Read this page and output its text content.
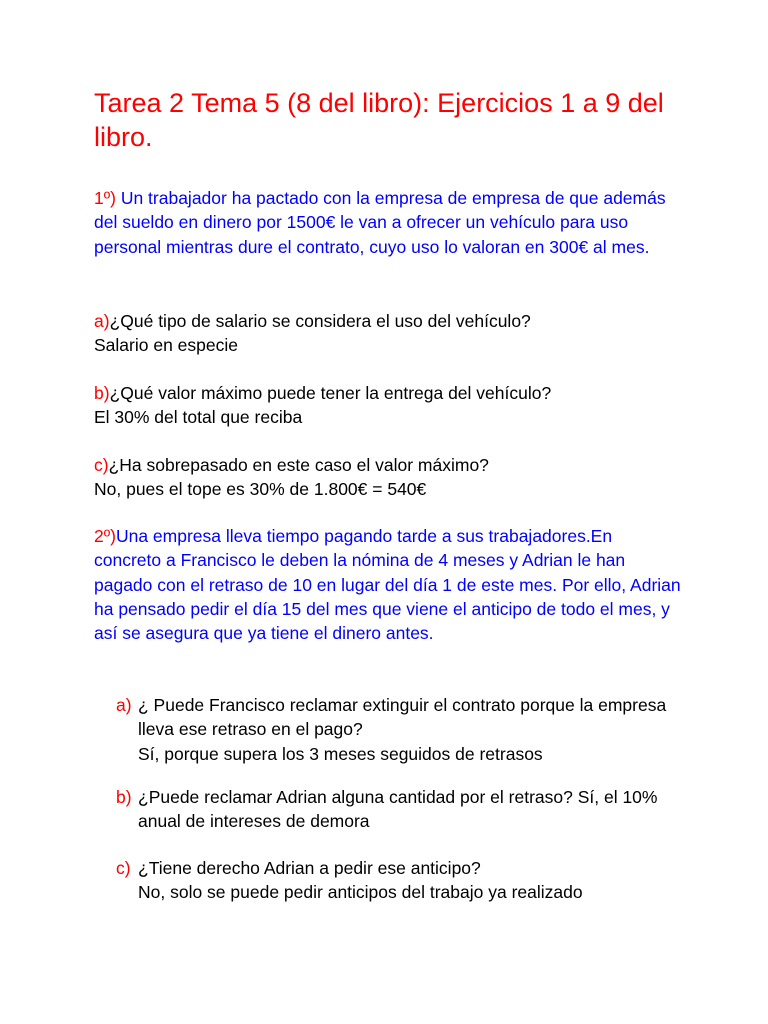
Tarea 2 Tema 5 (8 del libro): Ejercicios 1 a 9 del libro.

1º) Un trabajador ha pactado con la empresa de empresa de que además del sueldo en dinero por 1500€ le van a ofrecer un vehículo para uso personal mientras dure el contrato, cuyo uso lo valoran en 300€ al mes.

a)¿Qué tipo de salario se considera el uso del vehículo?
Salario en especie
b)¿Qué valor máximo puede tener la entrega del vehículo?
El 30% del total que reciba
c)¿Ha sobrepasado en este caso el valor máximo?
No, pues el tope es 30% de 1.800€ = 540€

2º)Una empresa lleva tiempo pagando tarde a sus trabajadores.En concreto a Francisco le deben la nómina de 4 meses y Adrian le han pagado con el retraso de 10 en lugar del día 1 de este mes. Por ello, Adrian ha pensado pedir el día 15 del mes que viene el anticipo de todo el mes, y así se asegura que ya tiene el dinero antes.

a) ¿ Puede Francisco reclamar extinguir el contrato porque la empresa lleva ese retraso en el pago?
Sí, porque supera los 3 meses seguidos de retrasos
b) ¿Puede reclamar Adrian alguna cantidad por el retraso? Sí, el 10% anual de intereses de demora
c) ¿Tiene derecho Adrian a pedir ese anticipo?
No, solo se puede pedir anticipos del trabajo ya realizado
